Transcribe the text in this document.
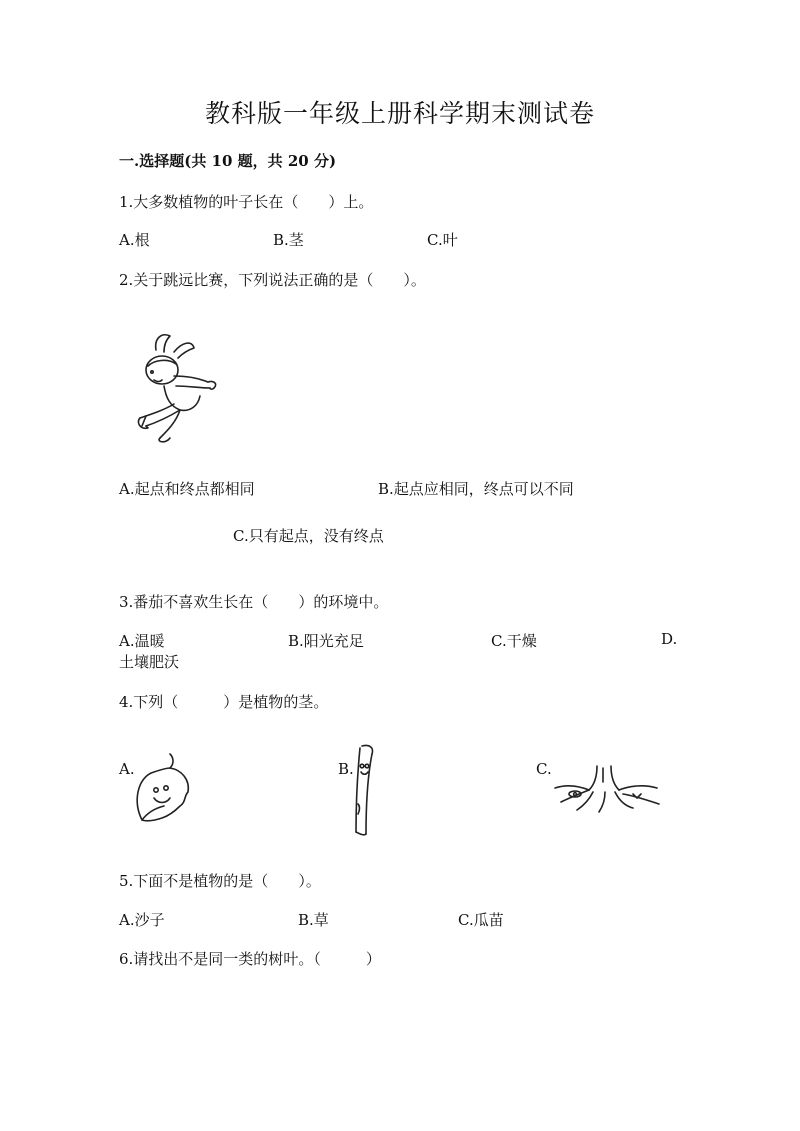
教科版一年级上册科学期末测试卷
一.选择题(共 10 题，共 20 分)
1.大多数植物的叶子长在（　　）上。
A.根	B.茎	C.叶
2.关于跳远比赛，下列说法正确的是（　　）。
A.起点和终点都相同	B.起点应相同，终点可以不同
C.只有起点，没有终点
3.番茄不喜欢生长在（　　）的环境中。
A.温暖	B.阳光充足	C.干燥	D.
土壤肥沃
4.下列（　　　）是植物的茎。
A.	B.	C.
5.下面不是植物的是（　　）。
A.沙子	B.草	C.瓜苗
6.请找出不是同一类的树叶。（　　　）
